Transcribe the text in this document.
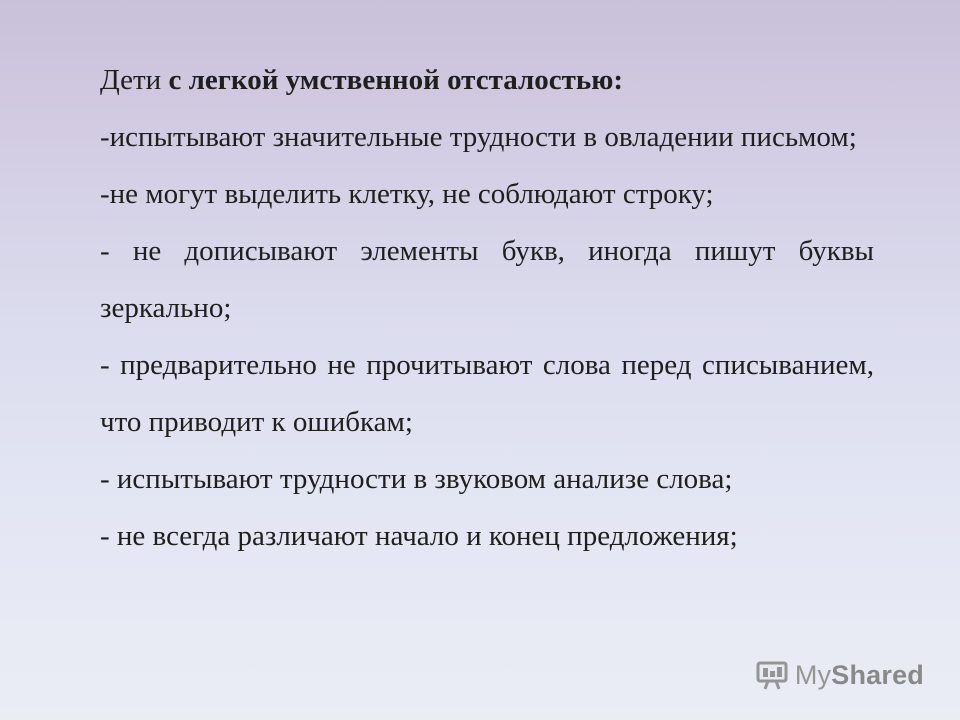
Дети с легкой умственной отсталостью:

-испытывают значительные трудности в овладении письмом;

-не могут выделить клетку, не соблюдают строку;

- не дописывают элементы букв, иногда пишут буквы зеркально;

- предварительно не прочитывают слова перед списыванием, что приводит к ошибкам;

- испытывают трудности в звуковом анализе слова;

- не всегда различают начало и конец предложения;

MyShared
